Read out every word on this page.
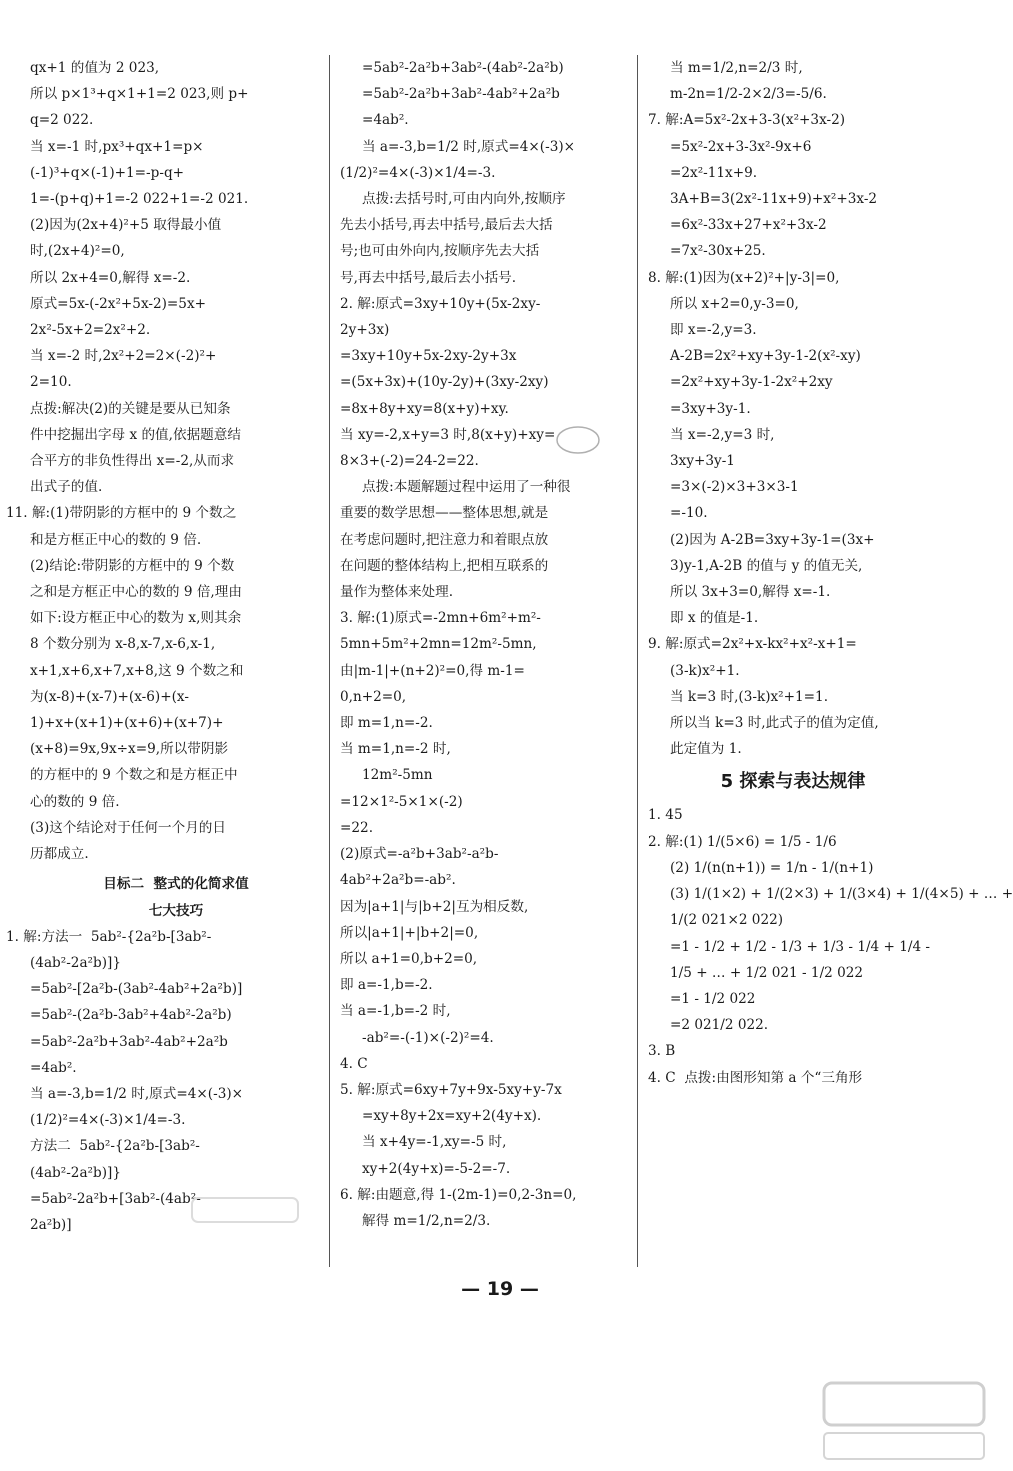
qx+1 的值为 2 023,
所以 p×1³+q×1+1=2 023,则 p+
q=2 022.
当 x=-1 时,px³+qx+1=p×
(-1)³+q×(-1)+1=-p-q+
1=-(p+q)+1=-2 022+1=-2 021.
(2)因为(2x+4)²+5 取得最小值
时,(2x+4)²=0,
所以 2x+4=0,解得 x=-2.
原式=5x-(-2x²+5x-2)=5x+
2x²-5x+2=2x²+2.
当 x=-2 时,2x²+2=2×(-2)²+
2=10.
点拨:解决(2)的关键是要从已知条
件中挖掘出字母 x 的值,依据题意结
合平方的非负性得出 x=-2,从而求
出式子的值.
11. 解:(1)带阴影的方框中的 9 个数之
和是方框正中心的数的 9 倍.
(2)结论:带阴影的方框中的 9 个数
之和是方框正中心的数的 9 倍,理由
如下:设方框正中心的数为 x,则其余
8 个数分别为 x-8,x-7,x-6,x-1,
x+1,x+6,x+7,x+8,这 9 个数之和
为(x-8)+(x-7)+(x-6)+(x-
1)+x+(x+1)+(x+6)+(x+7)+
(x+8)=9x,9x÷x=9,所以带阴影
的方框中的 9 个数之和是方框正中
心的数的 9 倍.
(3)这个结论对于任何一个月的日
历都成立.
目标二  整式的化简求值
七大技巧
1. 解:方法一  5ab²-{2a²b-[3ab²-
(4ab²-2a²b)]}
=5ab²-[2a²b-(3ab²-4ab²+2a²b)]
=5ab²-(2a²b-3ab²+4ab²-2a²b)
=5ab²-2a²b+3ab²-4ab²+2a²b
=4ab².
当 a=-3,b=1/2 时,原式=4×(-3)×
(1/2)²=4×(-3)×1/4=-3.
方法二  5ab²-{2a²b-[3ab²-
(4ab²-2a²b)]}
=5ab²-2a²b+[3ab²-(4ab²-
2a²b)]
=5ab²-2a²b+3ab²-(4ab²-2a²b)
=5ab²-2a²b+3ab²-4ab²+2a²b
=4ab².
当 a=-3,b=1/2 时,原式=4×(-3)×
(1/2)²=4×(-3)×1/4=-3.
点拨:去括号时,可由内向外,按顺序
先去小括号,再去中括号,最后去大括
号;也可由外向内,按顺序先去大括
号,再去中括号,最后去小括号.
2. 解:原式=3xy+10y+(5x-2xy-
2y+3x)
=3xy+10y+5x-2xy-2y+3x
=(5x+3x)+(10y-2y)+(3xy-2xy)
=8x+8y+xy=8(x+y)+xy.
当 xy=-2,x+y=3 时,8(x+y)+xy=
8×3+(-2)=24-2=22.
点拨:本题解题过程中运用了一种很
重要的数学思想——整体思想,就是
在考虑问题时,把注意力和着眼点放
在问题的整体结构上,把相互联系的
量作为整体来处理.
3. 解:(1)原式=-2mn+6m²+m²-
5mn+5m²+2mn=12m²-5mn,
由|m-1|+(n+2)²=0,得 m-1=
0,n+2=0,
即 m=1,n=-2.
当 m=1,n=-2 时,
12m²-5mn
=12×1²-5×1×(-2)
=22.
(2)原式=-a²b+3ab²-a²b-
4ab²+2a²b=-ab².
因为|a+1|与|b+2|互为相反数,
所以|a+1|+|b+2|=0,
所以 a+1=0,b+2=0,
即 a=-1,b=-2.
当 a=-1,b=-2 时,
-ab²=-(-1)×(-2)²=4.
4. C
5. 解:原式=6xy+7y+9x-5xy+y-7x
=xy+8y+2x=xy+2(4y+x).
当 x+4y=-1,xy=-5 时,
xy+2(4y+x)=-5-2=-7.
6. 解:由题意,得 1-(2m-1)=0,2-3n=0,
解得 m=1/2,n=2/3.
当 m=1/2,n=2/3 时,
m-2n=1/2-2×2/3=-5/6.
7. 解:A=5x²-2x+3-3(x²+3x-2)
=5x²-2x+3-3x²-9x+6
=2x²-11x+9.
3A+B=3(2x²-11x+9)+x²+3x-2
=6x²-33x+27+x²+3x-2
=7x²-30x+25.
8. 解:(1)因为(x+2)²+|y-3|=0,
所以 x+2=0,y-3=0,
即 x=-2,y=3.
A-2B=2x²+xy+3y-1-2(x²-xy)
=2x²+xy+3y-1-2x²+2xy
=3xy+3y-1.
当 x=-2,y=3 时,
3xy+3y-1
=3×(-2)×3+3×3-1
=-10.
(2)因为 A-2B=3xy+3y-1=(3x+
3)y-1,A-2B 的值与 y 的值无关,
所以 3x+3=0,解得 x=-1.
即 x 的值是-1.
9. 解:原式=2x²+x-kx²+x²-x+1=
(3-k)x²+1.
当 k=3 时,(3-k)x²+1=1.
所以当 k=3 时,此式子的值为定值,
此定值为 1.
5 探索与表达规律
1. 45
2. 解:(1) 1/(5×6) = 1/5 - 1/6
(2) 1/(n(n+1)) = 1/n - 1/(n+1)
(3) 1/(1×2) + 1/(2×3) + 1/(3×4) + 1/(4×5) + … +
1/(2 021×2 022)
=1 - 1/2 + 1/2 - 1/3 + 1/3 - 1/4 + 1/4 -
1/5 + … + 1/2 021 - 1/2 022
=1 - 1/2 022
=2 021/2 022.
3. B
4. C  点拨:由图形知第 a 个“三角形
— 19 —
